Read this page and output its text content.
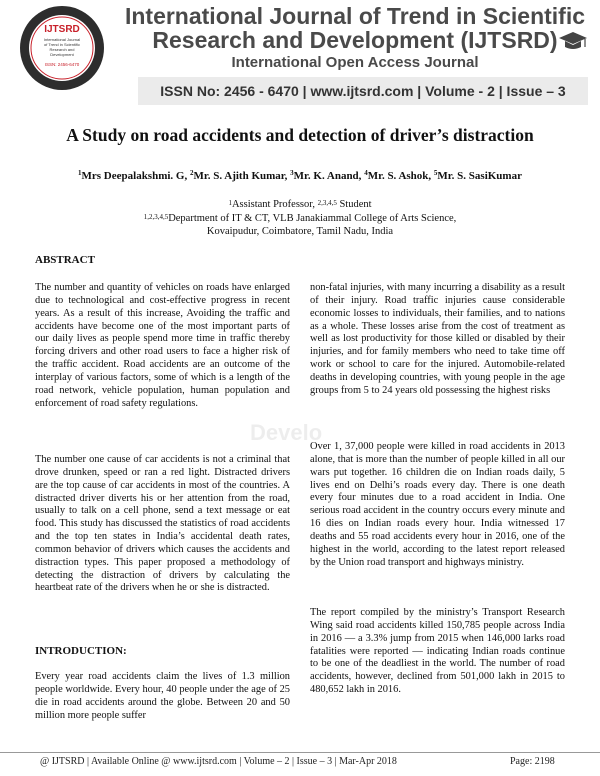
IJTSRD
International Journal
of Trend in Scientific
Research and
Development
ISSN: 2456-6470
International Journal of Trend in Scientific
Research and Development (IJTSRD)
International Open Access Journal
ISSN No: 2456 - 6470 | www.ijtsrd.com | Volume - 2 | Issue – 3
A Study on road accidents and detection of driver’s distraction
$^1$Mrs Deepalakshmi. G, $^2$Mr. S. Ajith Kumar, $^3$Mr. K. Anand, $^4$Mr. S. Ashok, $^5$Mr. S. SasiKumar
$^1$Assistant Professor, $^{2,3,4,5}$ Student
$^{1,2,3,4,5}$Department of IT & CT, VLB Janakiammal College of Arts Science,
Kovaipudur, Coimbatore, Tamil Nadu, India
ABSTRACT

The number and quantity of vehicles on roads have enlarged due to technological and cost-effective progress in recent years. As a result of this increase, Avoiding the traffic and accidents have become one of the most important parts of our daily lives as people spend more time in traffic thereby forcing drivers and other road users to face a higher risk of the traffic accident. Road accidents are an outcome of the interplay of various factors, some of which is a length of the road network, vehicle population, human population and enforcement of road safety regulations.

The number one cause of car accidents is not a criminal that drove drunken, speed or ran a red light. Distracted drivers are the top cause of car accidents in most of the countries. A distracted driver diverts his or her attention from the road, usually to talk on a cell phone, send a text message or eat food. This study has discussed the statistics of road accidents and the top ten states in India’s accidental death rates, common behavior of drivers which causes the accidents and distraction types. This paper proposed a methodology of detecting the distraction of drivers by calculating the heartbeat rate of the drivers when he or she is distracted.

INTRODUCTION:

Every year road accidents claim the lives of 1.3 million people worldwide. Every hour, 40 people under the age of 25 die in road accidents around the globe. Between 20 and 50 million more people suffer

non-fatal injuries, with many incurring a disability as a result of their injury. Road traffic injuries cause considerable economic losses to individuals, their families, and to nations as a whole. These losses arise from the cost of treatment as well as lost productivity for those killed or disabled by their injuries, and for family members who need to take time off work or school to care for the injured. Automobile-related deaths in developing countries, with young people in the age groups from 5 to 24 years old possessing the highest risks

Over 1, 37,000 people were killed in road accidents in 2013 alone, that is more than the number of people killed in all our wars put together. 16 children die on Indian roads daily, 5 lives end on Delhi’s roads every day. There is one death every four minutes due to a road accident in India. One serious road accident in the country occurs every minute and 16 dies on Indian roads every hour. India witnessed 17 deaths and 55 road accidents every hour in 2016, one of the highest in the world, according to the latest report released by the Union road transport and highways ministry.

The report compiled by the ministry’s Transport Research Wing said road accidents killed 150,785 people across India in 2016 — a 3.3% jump from 2015 when 146,000 larks road fatalities were reported — indicating Indian roads continue to be one of the deadliest in the world. The number of road accidents, however, declined from 501,000 lakh in 2015 to 480,652 lakh in 2016.

Develo
@ IJTSRD | Available Online @ www.ijtsrd.com | Volume – 2 | Issue – 3 | Mar-Apr 2018	Page: 2198
